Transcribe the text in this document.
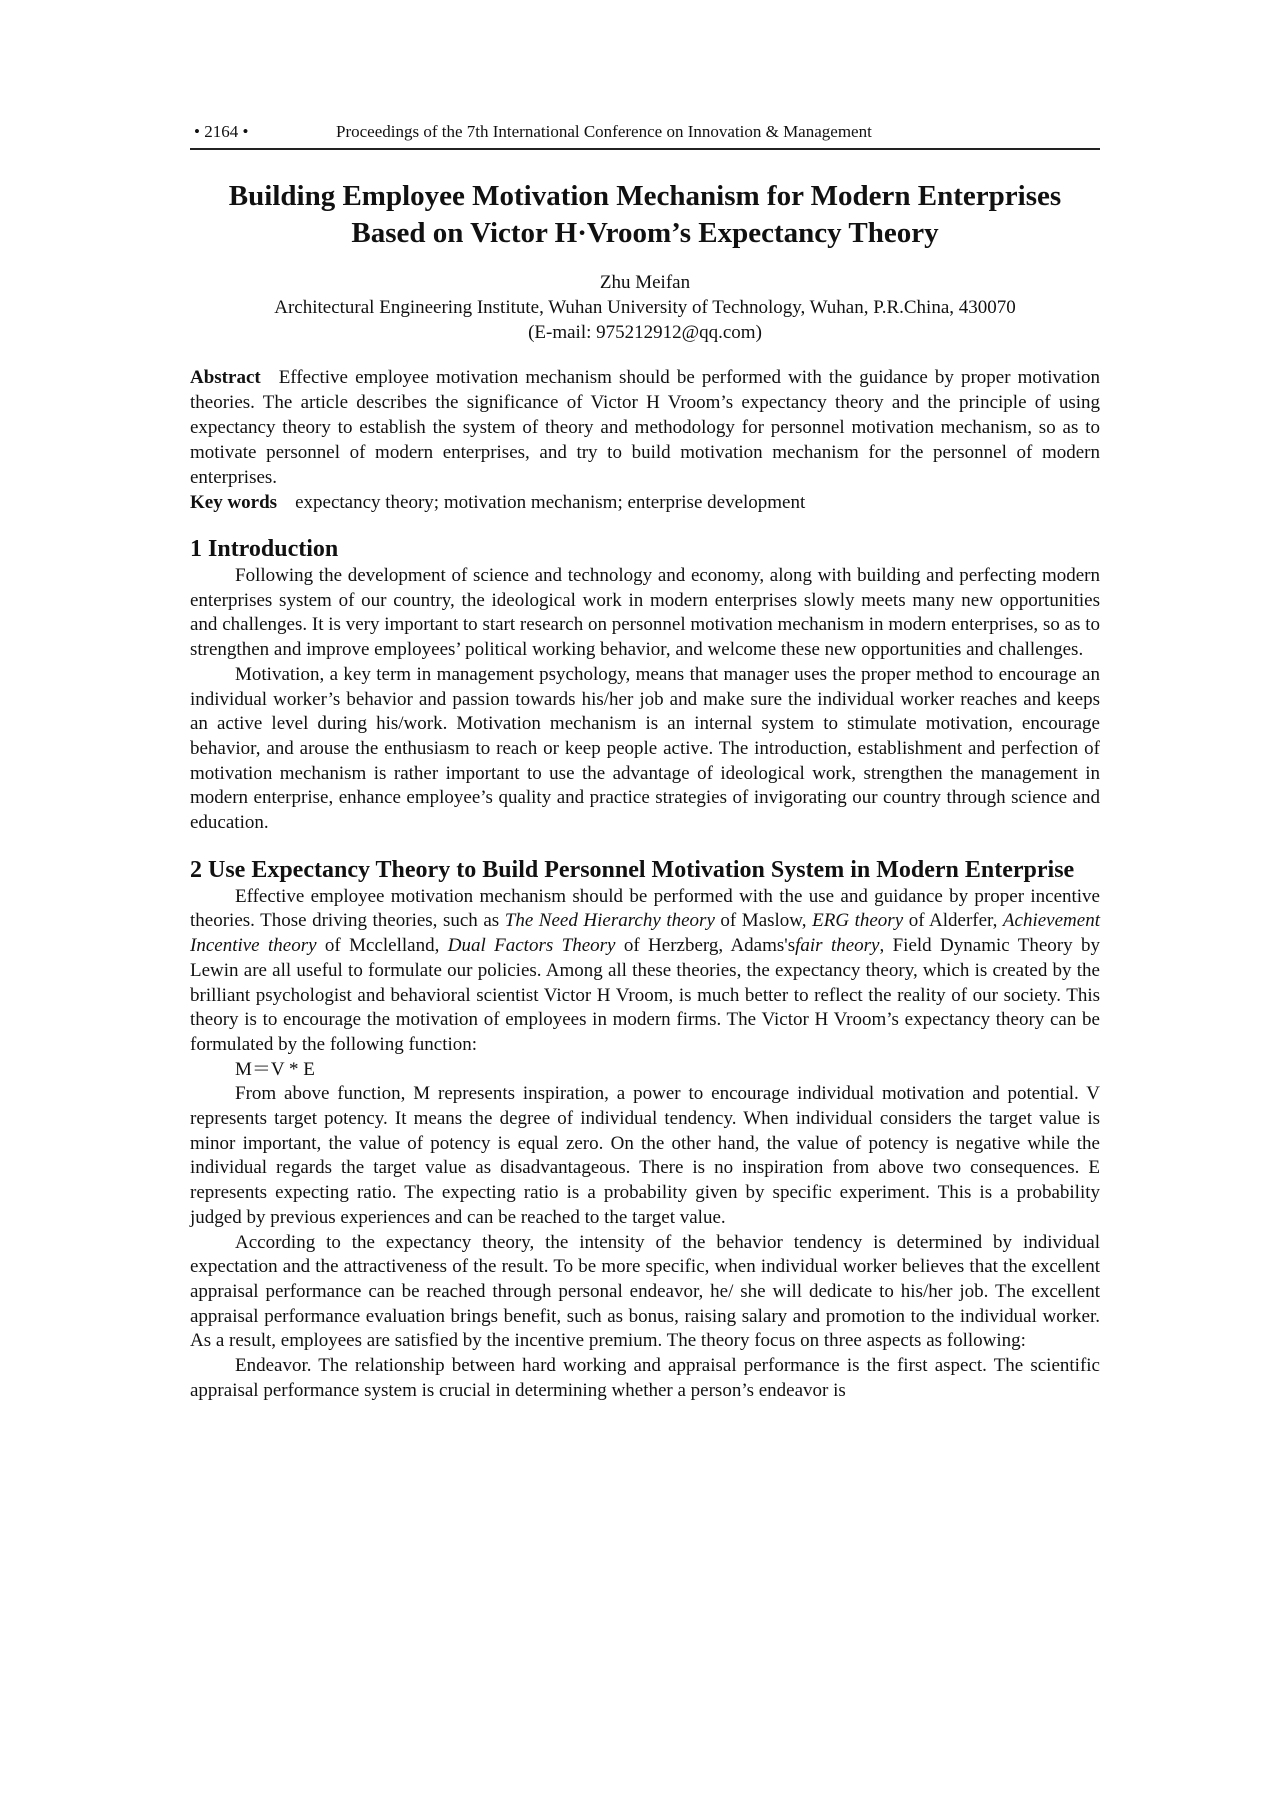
• 2164 •	Proceedings of the 7th International Conference on Innovation & Management
Building Employee Motivation Mechanism for Modern Enterprises
Based on Victor H·Vroom’s Expectancy Theory
Zhu Meifan
Architectural Engineering Institute, Wuhan University of Technology, Wuhan, P.R.China, 430070
(E-mail: 975212912@qq.com)
Abstract Effective employee motivation mechanism should be performed with the guidance by proper motivation theories. The article describes the significance of Victor H Vroom’s expectancy theory and the principle of using expectancy theory to establish the system of theory and methodology for personnel motivation mechanism, so as to motivate personnel of modern enterprises, and try to build motivation mechanism for the personnel of modern enterprises.
Key words expectancy theory; motivation mechanism; enterprise development
1 Introduction

Following the development of science and technology and economy, along with building and perfecting modern enterprises system of our country, the ideological work in modern enterprises slowly meets many new opportunities and challenges. It is very important to start research on personnel motivation mechanism in modern enterprises, so as to strengthen and improve employees’ political working behavior, and welcome these new opportunities and challenges.

Motivation, a key term in management psychology, means that manager uses the proper method to encourage an individual worker’s behavior and passion towards his/her job and make sure the individual worker reaches and keeps an active level during his/work. Motivation mechanism is an internal system to stimulate motivation, encourage behavior, and arouse the enthusiasm to reach or keep people active. The introduction, establishment and perfection of motivation mechanism is rather important to use the advantage of ideological work, strengthen the management in modern enterprise, enhance employee’s quality and practice strategies of invigorating our country through science and education.

2 Use Expectancy Theory to Build Personnel Motivation System in Modern Enterprise

Effective employee motivation mechanism should be performed with the use and guidance by proper incentive theories. Those driving theories, such as The Need Hierarchy theory of Maslow, ERG theory of Alderfer, Achievement Incentive theory of Mcclelland, Dual Factors Theory of Herzberg, Adams'sfair theory, Field Dynamic Theory by Lewin are all useful to formulate our policies. Among all these theories, the expectancy theory, which is created by the brilliant psychologist and behavioral scientist Victor H Vroom, is much better to reflect the reality of our society. This theory is to encourage the motivation of employees in modern firms. The Victor H Vroom’s expectancy theory can be formulated by the following function:

M＝V * E

From above function, M represents inspiration, a power to encourage individual motivation and potential. V represents target potency. It means the degree of individual tendency. When individual considers the target value is minor important, the value of potency is equal zero. On the other hand, the value of potency is negative while the individual regards the target value as disadvantageous. There is no inspiration from above two consequences. E represents expecting ratio. The expecting ratio is a probability given by specific experiment. This is a probability judged by previous experiences and can be reached to the target value.

According to the expectancy theory, the intensity of the behavior tendency is determined by individual expectation and the attractiveness of the result. To be more specific, when individual worker believes that the excellent appraisal performance can be reached through personal endeavor, he/ she will dedicate to his/her job. The excellent appraisal performance evaluation brings benefit, such as bonus, raising salary and promotion to the individual worker. As a result, employees are satisfied by the incentive premium. The theory focus on three aspects as following:

Endeavor. The relationship between hard working and appraisal performance is the first aspect. The scientific appraisal performance system is crucial in determining whether a person’s endeavor is
